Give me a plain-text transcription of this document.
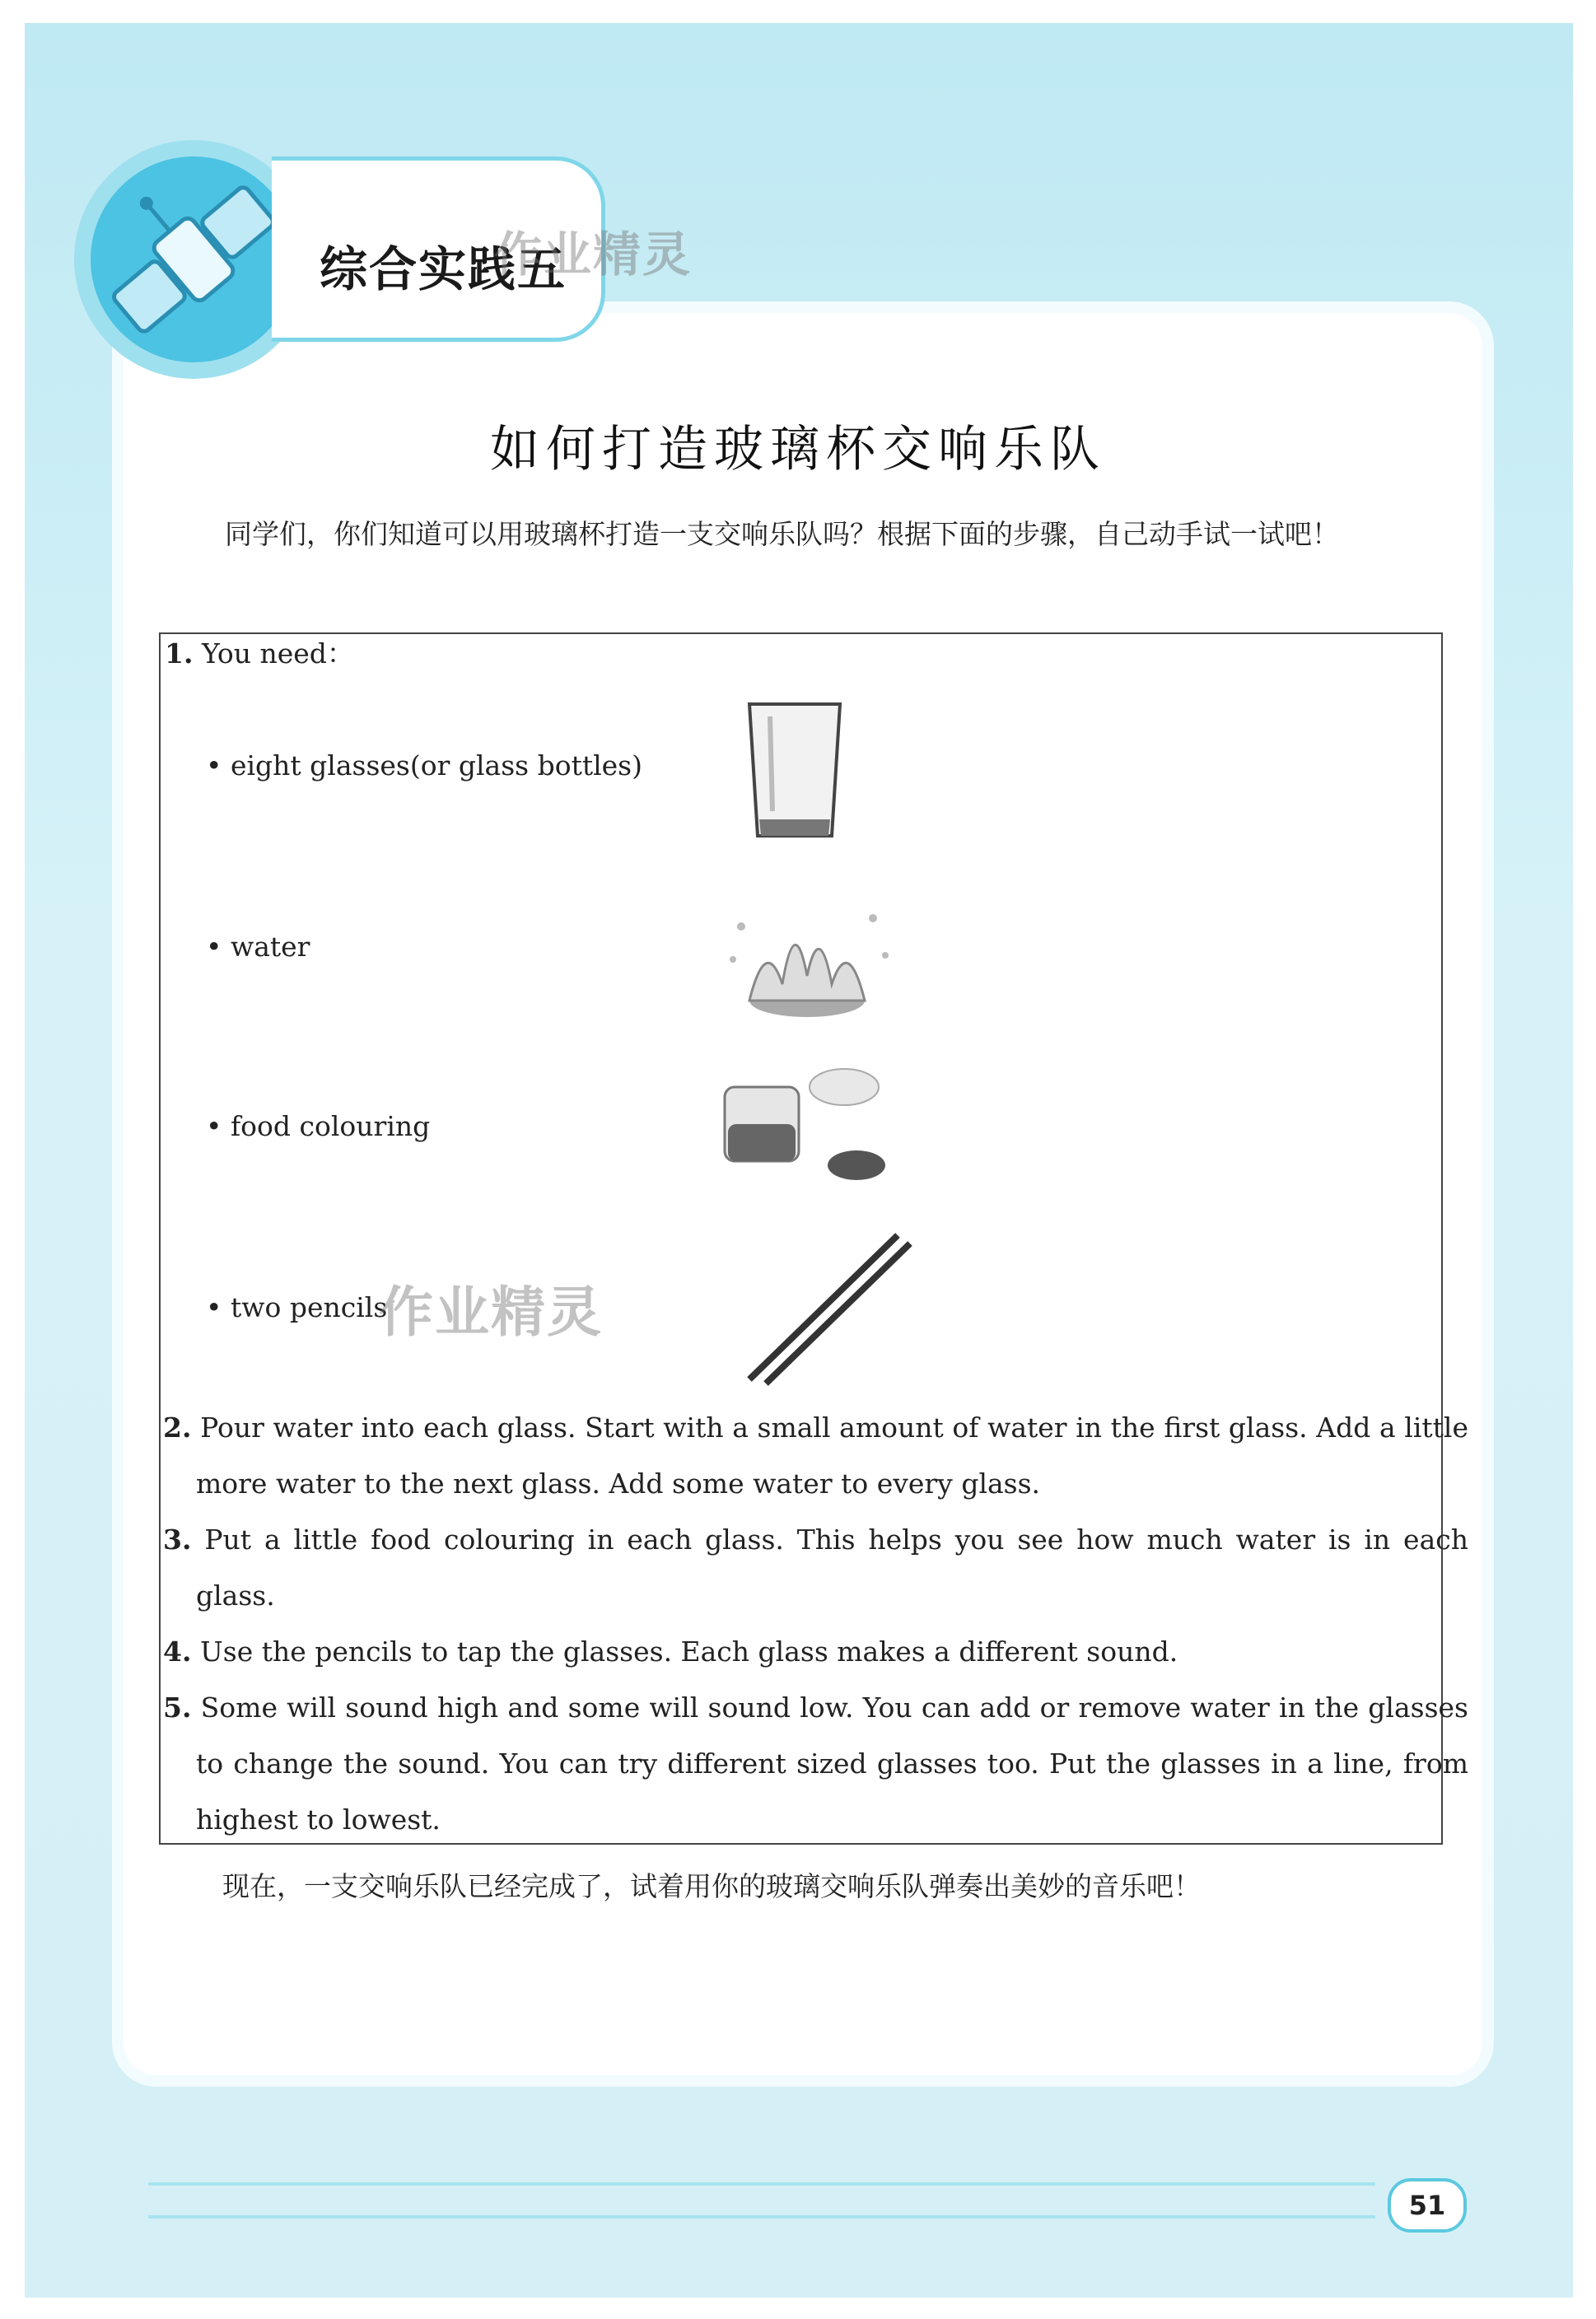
综合实践五
作业精灵
如何打造玻璃杯交响乐队
同学们，你们知道可以用玻璃杯打造一支交响乐队吗？根据下面的步骤，自己动手试一试吧！
1. You need：
• eight glasses(or glass bottles)
• water
• food colouring
• two pencils
作业精灵
2. Pour water into each glass. Start with a small amount of water in the first glass. Add a little more water to the next glass. Add some water to every glass.
3. Put a little food colouring in each glass. This helps you see how much water is in each glass.
4. Use the pencils to tap the glasses. Each glass makes a different sound.
5. Some will sound high and some will sound low. You can add or remove water in the glasses to change the sound. You can try different sized glasses too. Put the glasses in a line, from highest to lowest.
现在，一支交响乐队已经完成了，试着用你的玻璃交响乐队弹奏出美妙的音乐吧！
51
